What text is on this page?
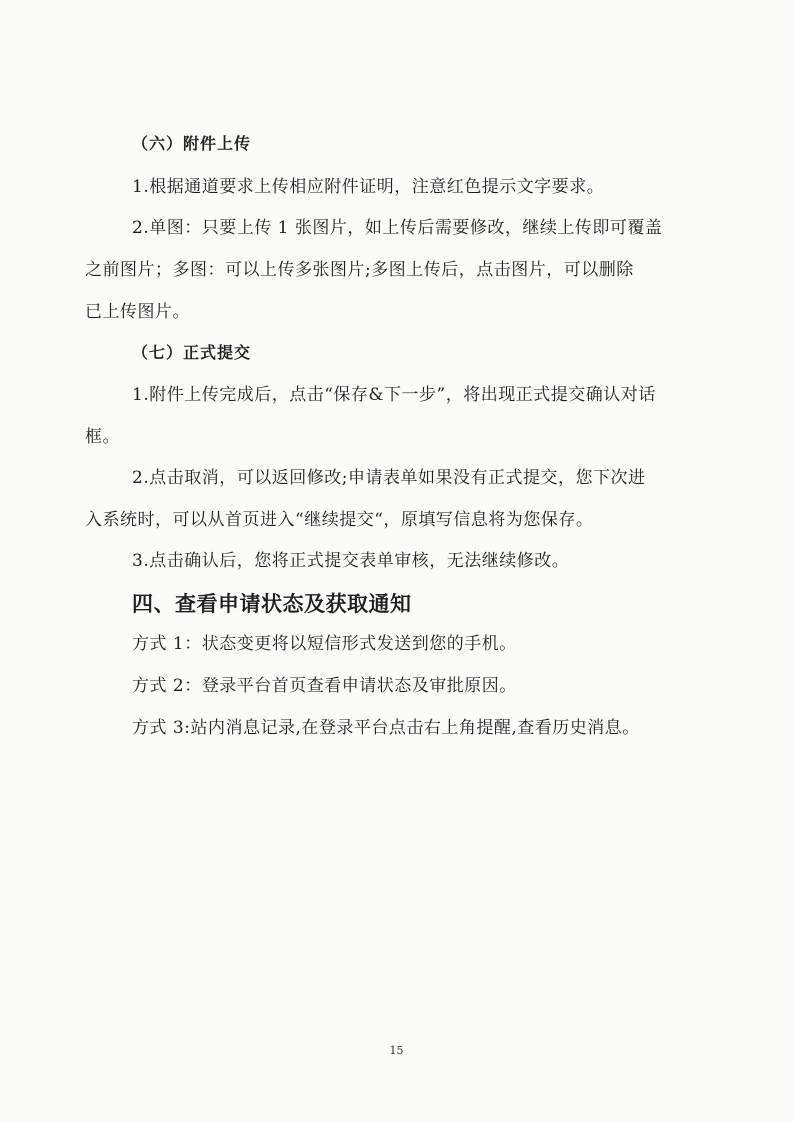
（六）附件上传
1.根据通道要求上传相应附件证明，注意红色提示文字要求。
2.单图：只要上传 1 张图片，如上传后需要修改，继续上传即可覆盖
之前图片；多图：可以上传多张图片;多图上传后，点击图片，可以删除
已上传图片。
（七）正式提交
1.附件上传完成后，点击“保存&下一步”，将出现正式提交确认对话
框。
2.点击取消，可以返回修改;申请表单如果没有正式提交，您下次进
入系统时，可以从首页进入“继续提交“，原填写信息将为您保存。
3.点击确认后，您将正式提交表单审核，无法继续修改。
四、查看申请状态及获取通知
方式 1：状态变更将以短信形式发送到您的手机。
方式 2：登录平台首页查看申请状态及审批原因。
方式 3:站内消息记录,在登录平台点击右上角提醒,查看历史消息。
15
